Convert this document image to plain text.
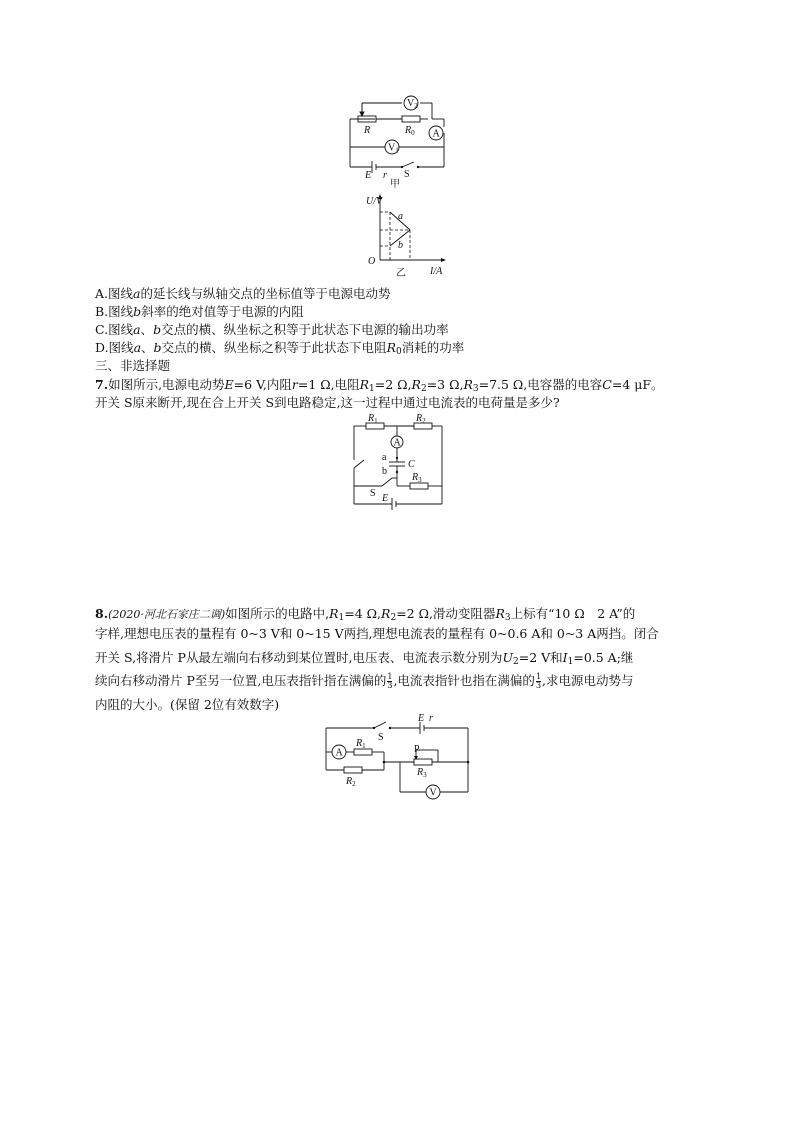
$V_2$
R	$R_0$ A
$V_1$
E r S
甲
U/V
a
b
O
I/A
乙
A.图线a的延长线与纵轴交点的坐标值等于电源电动势
B.图线b斜率的绝对值等于电源的内阻
C.图线a、b交点的横、纵坐标之积等于此状态下电源的输出功率
D.图线a、b交点的横、纵坐标之积等于此状态下电阻$R_0$消耗的功率
三、非选择题
7.如图所示,电源电动势E=6 V,内阻r=1 Ω,电阻$R_1=2$ $\Omega,R_2=3$ $\Omega,R_3=7.5$ Ω,电容器的电容C=4 μF。
开关 S原来断开,现在合上开关 S到电路稳定,这一过程中通过电流表的电荷量是多少?
$R_1$	$R_2$
A
a
b
C
$R_3$
S E
8.(2020·河北石家庄二调)如图所示的电路中$,R_1=4$ $\Omega,R_2=2$ Ω,滑动变阻器$R_3$上标有“10 Ω　2 A”的
字样,理想电压表的量程有 0~3 V和 0~15 V两挡,理想电流表的量程有 0~0.6 A和 0~3 A两挡。闭合
开关 S,将滑片 P从最左端向右移动到某位置时,电压表、电流表示数分别为$U_2=2$ V和$I_1=0.5$ A;继
续向右移动滑片 P至另一位置,电压表指针指在满偏的 $\frac{1}{3}$ ,电流表指针也指在满偏的 $\frac{1}{3}$ ,求电源电动势与
内阻的大小。(保留 2位有效数字)
S
E r
A
$R_1$	P
$R_3$
$R_2$
V
